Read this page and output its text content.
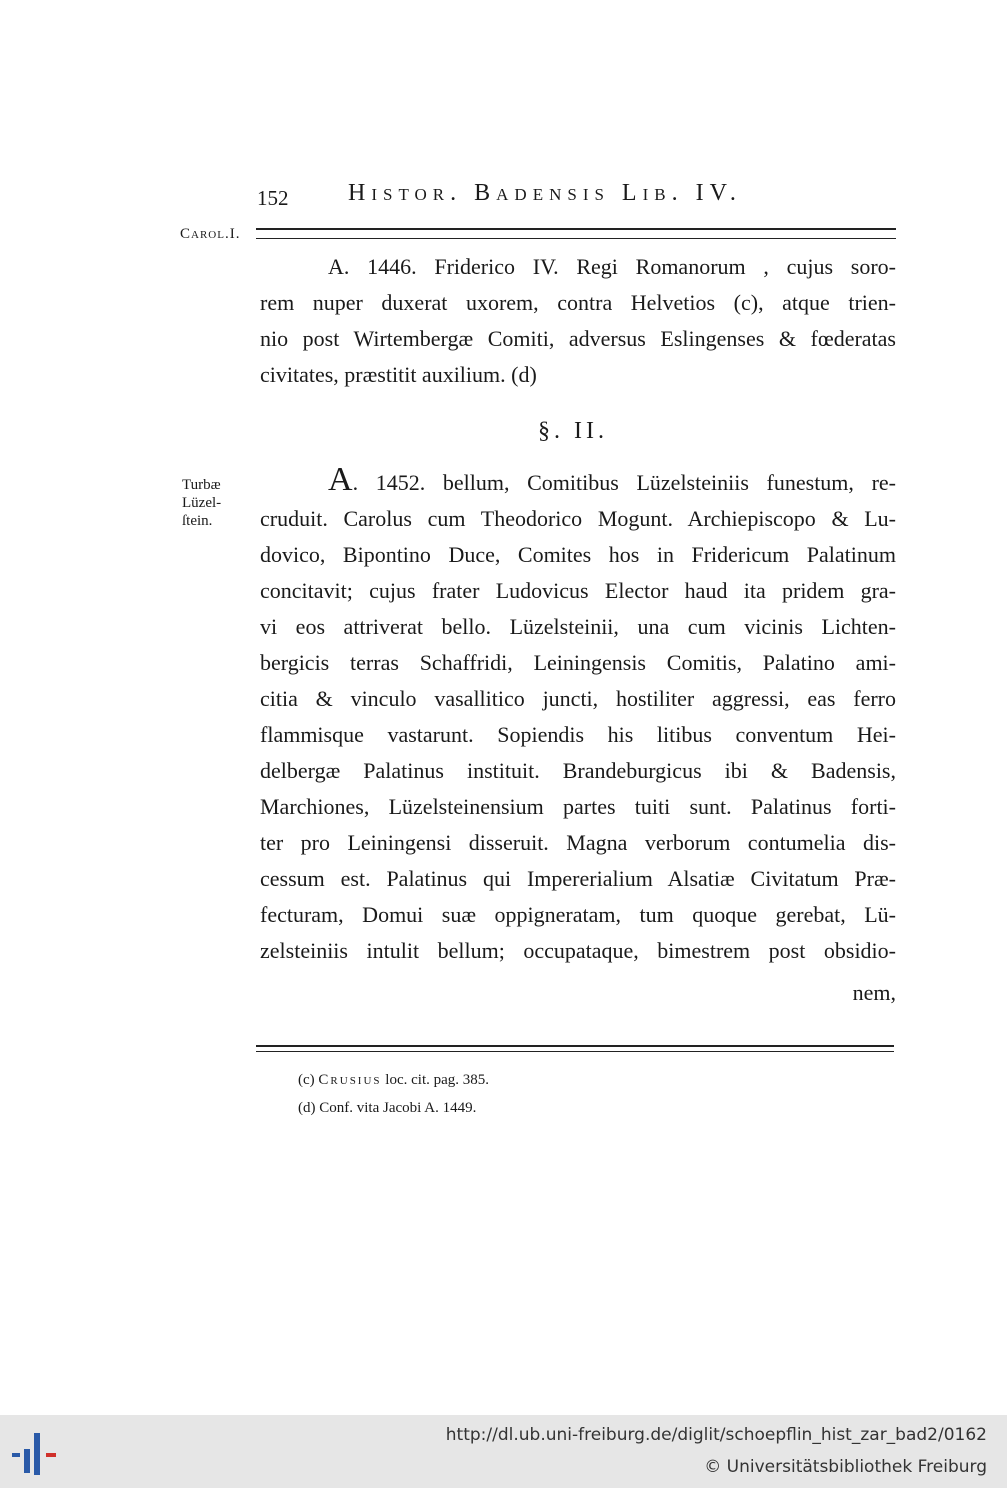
152 Histor. Badensis Lib. IV.
Carol.I.
A. 1446. Friderico IV. Regi Romanorum , cujus soro-
rem nuper duxerat uxorem, contra Helvetios (c), atque trien-
nio post Wirtembergæ Comiti, adversus Eslingenses & fœderatas
civitates, præstitit auxilium. (d)
§. II.
Turbæ
Lüzel-
ſtein.
A. 1452. bellum, Comitibus Lüzelsteiniis funestum, re-
cruduit. Carolus cum Theodorico Mogunt. Archiepiscopo & Lu-
dovico, Bipontino Duce, Comites hos in Fridericum Palatinum
concitavit; cujus frater Ludovicus Elector haud ita pridem gra-
vi eos attriverat bello. Lüzelsteinii, una cum vicinis Lichten-
bergicis terras Schaffridi, Leiningensis Comitis, Palatino ami-
citia & vinculo vasallitico juncti, hostiliter aggressi, eas ferro
flammisque vastarunt. Sopiendis his litibus conventum Hei-
delbergæ Palatinus instituit. Brandeburgicus ibi & Badensis,
Marchiones, Lüzelsteinensium partes tuiti sunt. Palatinus forti-
ter pro Leiningensi disseruit. Magna verborum contumelia dis-
cessum est. Palatinus qui Impererialium Alsatiæ Civitatum Præ-
fecturam, Domui suæ oppigneratam, tum quoque gerebat, Lü-
zelsteiniis intulit bellum; occupataque, bimestrem post obsidio-
nem,
(c) Crusius loc. cit. pag. 385.
(d) Conf. vita Jacobi A. 1449.
http://dl.ub.uni-freiburg.de/diglit/schoepflin_hist_zar_bad2/0162
© Universitätsbibliothek Freiburg
